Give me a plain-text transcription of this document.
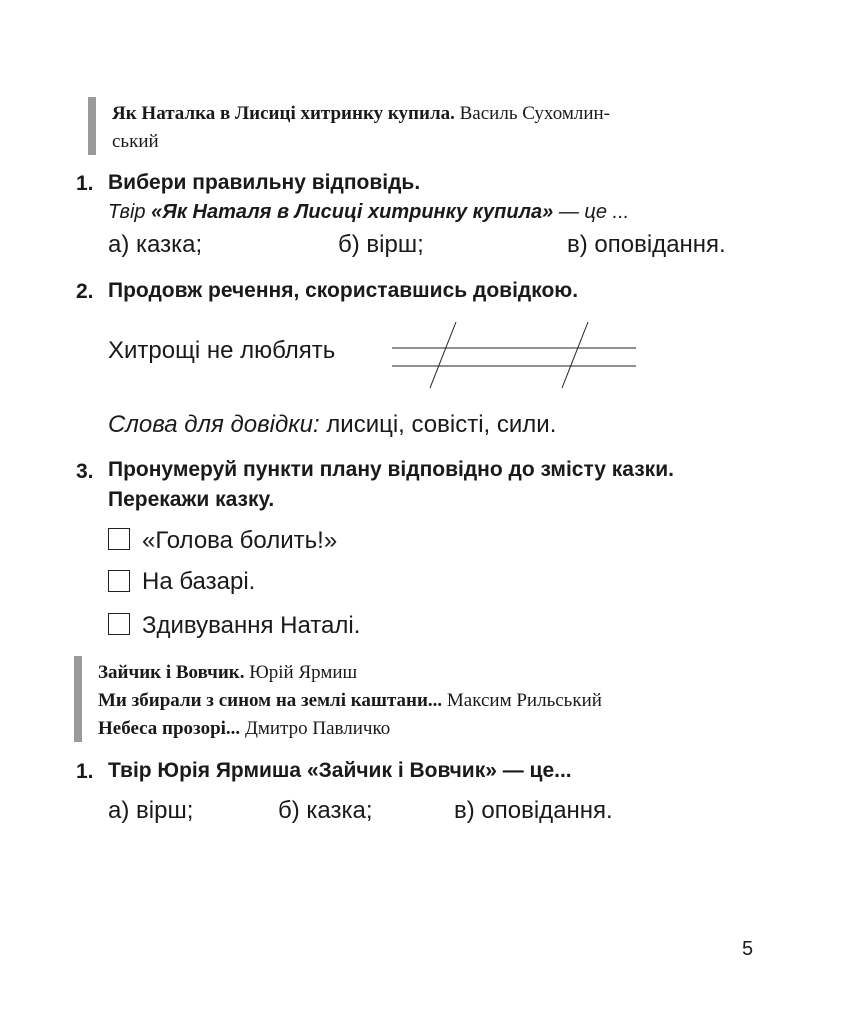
Як Наталка в Лисиці хитринку купила. Василь Сухомлин-
ський
1. Вибери правильну відповідь.
Твір «Як Наталя в Лисиці хитринку купила» — це ...
а) казка;	б) вірш;	в) оповідання.
2. Продовж речення, скориставшись довідкою.
Хитрощі не люблять
Слова для довідки: лисиці, совісті, сили.
3. Пронумеруй пункти плану відповідно до змісту казки.
Перекажи казку.
«Голова болить!»
На базарі.
Здивування Наталі.
Зайчик і Вовчик. Юрій Ярмиш
Ми збирали з сином на землі каштани... Максим Рильський
Небеса прозорі... Дмитро Павличко
1. Твір Юрія Ярмиша «Зайчик і Вовчик» — це...
а) вірш;	б) казка;	в) оповідання.
5
